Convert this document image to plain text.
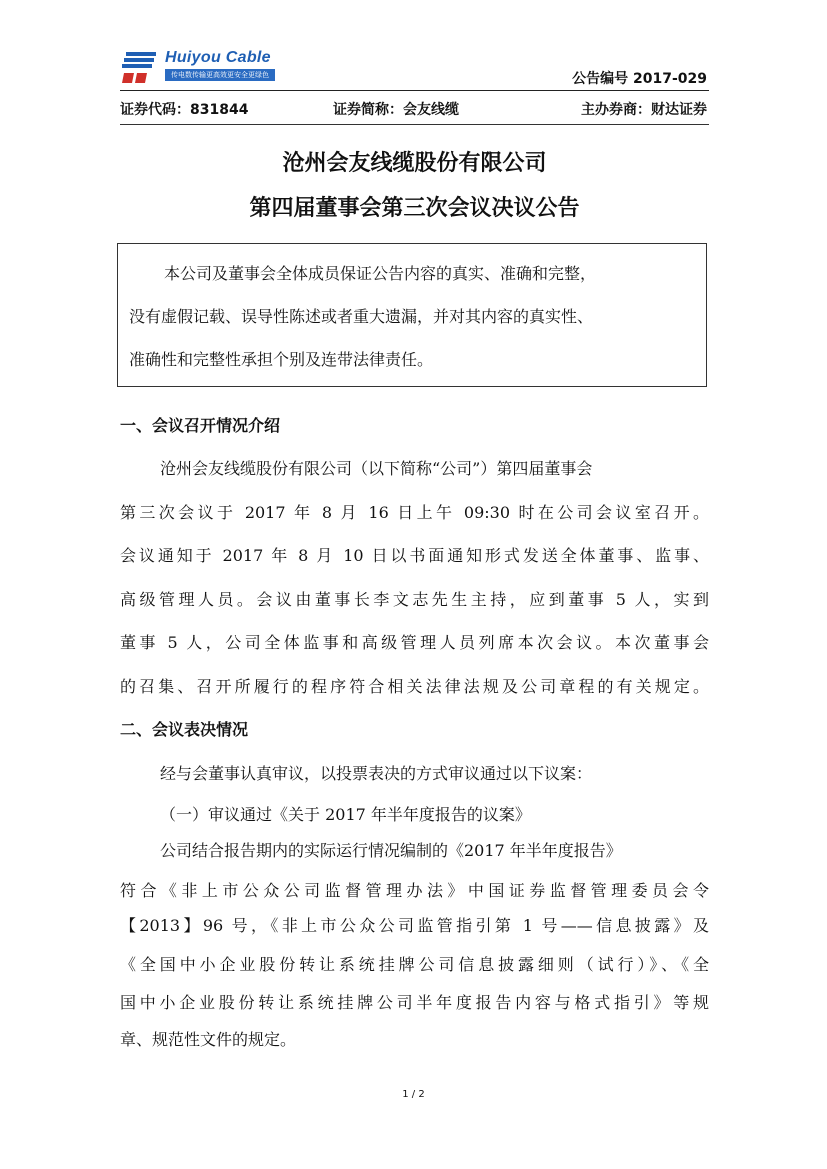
Huiyou Cable
传电数传输更高效更安全更绿色	公告编号 2017-029
证券代码：831844	证券简称：会友线缆	主办券商：财达证券
沧州会友线缆股份有限公司
第四届董事会第三次会议决议公告
本公司及董事会全体成员保证公告内容的真实、准确和完整，
没有虚假记载、误导性陈述或者重大遗漏，并对其内容的真实性、
准确性和完整性承担个别及连带法律责任。
一、会议召开情况介绍
沧州会友线缆股份有限公司（以下简称“公司”）第四届董事会
第三次会议于 2017 年 8 月 16 日上午 09:30 时在公司会议室召开。
会议通知于 2017 年 8 月 10 日以书面通知形式发送全体董事、监事、
高级管理人员。会议由董事长李文志先生主持，应到董事 5 人，实到
董事 5 人，公司全体监事和高级管理人员列席本次会议。本次董事会
的召集、召开所履行的程序符合相关法律法规及公司章程的有关规定。
二、会议表决情况
经与会董事认真审议，以投票表决的方式审议通过以下议案：
（一）审议通过《关于 2017 年半年度报告的议案》
公司结合报告期内的实际运行情况编制的《2017 年半年度报告》
符合《非上市公众公司监督管理办法》中国证券监督管理委员会令
【2013】96 号，《非上市公众公司监管指引第 1 号——信息披露》及
《全国中小企业股份转让系统挂牌公司信息披露细则（试行）》、《全
国中小企业股份转让系统挂牌公司半年度报告内容与格式指引》等规
章、规范性文件的规定。
1 / 2
